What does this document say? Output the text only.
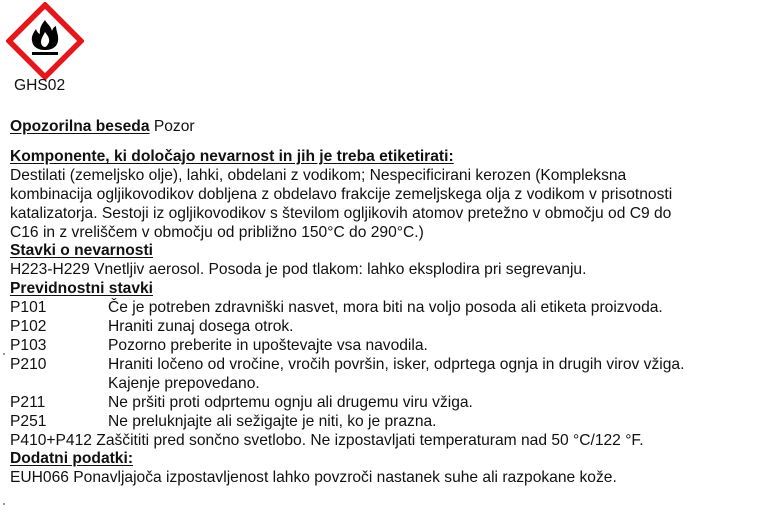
GHS02
Opozorilna beseda Pozor
Komponente, ki določajo nevarnost in jih je treba etiketirati:
Destilati (zemeljsko olje), lahki, obdelani z vodikom; Nespecificirani kerozen (Kompleksna
kombinacija ogljikovodikov dobljena z obdelavo frakcije zemeljskega olja z vodikom v prisotnosti
katalizatorja. Sestoji iz ogljikovodikov s številom ogljikovih atomov pretežno v območju od C9 do
C16 in z vreliščem v območju od približno 150°C do 290°C.)
Stavki o nevarnosti
H223-H229 Vnetljiv aerosol. Posoda je pod tlakom: lahko eksplodira pri segrevanju.
Previdnostni stavki
P101	Če je potreben zdravniški nasvet, mora biti na voljo posoda ali etiketa proizvoda.
P102	Hraniti zunaj dosega otrok.
P103	Pozorno preberite in upoštevajte vsa navodila.
P210	Hraniti ločeno od vročine, vročih površin, isker, odprtega ognja in drugih virov vžiga.
Kajenje prepovedano.
P211	Ne pršiti proti odprtemu ognju ali drugemu viru vžiga.
P251	Ne preluknjajte ali sežigajte je niti, ko je prazna.
P410+P412 Zaščititi pred sončno svetlobo. Ne izpostavljati temperaturam nad 50 °C/122 °F.
Dodatni podatki:
EUH066 Ponavljajoča izpostavljenost lahko povzroči nastanek suhe ali razpokane kože.
